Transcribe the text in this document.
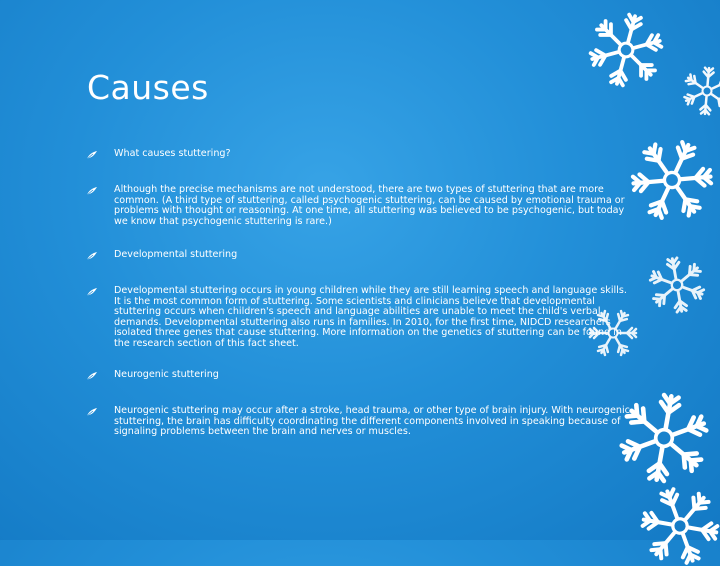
Causes
What causes stuttering?
Although the precise mechanisms are not understood, there are two types of stuttering that are more common. (A third type of stuttering, called psychogenic stuttering, can be caused by emotional trauma or problems with thought or reasoning. At one time, all stuttering was believed to be psychogenic, but today we know that psychogenic stuttering is rare.)
Developmental stuttering
Developmental stuttering occurs in young children while they are still learning speech and language skills. It is the most common form of stuttering. Some scientists and clinicians believe that developmental stuttering occurs when children's speech and language abilities are unable to meet the child's verbal demands. Developmental stuttering also runs in families. In 2010, for the first time, NIDCD researchers isolated three genes that cause stuttering. More information on the genetics of stuttering can be found in the research section of this fact sheet.
Neurogenic stuttering
Neurogenic stuttering may occur after a stroke, head trauma, or other type of brain injury. With neurogenic stuttering, the brain has difficulty coordinating the different components involved in speaking because of signaling problems between the brain and nerves or muscles.
